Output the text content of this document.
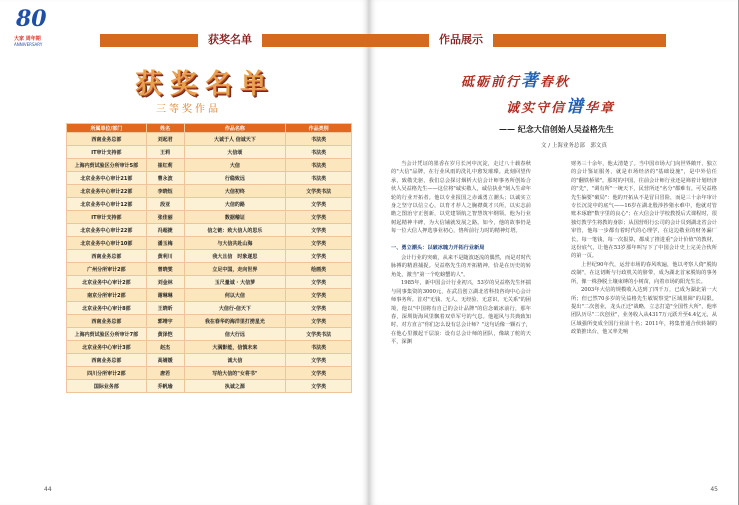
80
大家 周年期
ANNIVERSARY	获奖名单
获奖名单
三等奖作品
所属单位/部门	姓名	作品名称	作品类别
西南业务总部	刘起君	大诚于人 信诚天下	书法类
IT审计支持部	王莉	大信颂	书法类
上海内贸试验区分所审计5部	崔红莉	大信	书法类
北京业务中心审计21部	曹永波	行稳致远	书法类
北京业务中心审计22部	李晓钰	大信初终	文学类书法
北京业务中心审计12部	段亚	大信的路	文学类
IT审计支持部	张佳丽	数据稽证	文学类
北京业务中心审计22部	冯超捷	信之链：致大信人的思乐	文学类
北京业务中心审计10部	潘玉梅	与大信共赴山海	文学类
西南业务总部	黄利川	我大且信　时象遂思	文学类
广州分所审计2部	曾晓雯	立足中国，走向世界	绘画类
北京业务中心审计2部	刘金林	玉尺量诚 · 大信萝	文学类
南京分所审计2部	谢琳琳	何以大信	文学类
北京业务中心审计8部	王晓昕	大信行-信天下	文学类
西南业务总部	郭靖宇	我在春华的海洋里打捞星光	文学类
上海内贸试验区分所审计7部	黄泽恺	信大行远	文学类书法
北京业务中心审计3部	赵杰	大满影能，信慎未来	书法类
西南业务总部	高婧媛	诚大信	文学类
四川分所审计2部	唐若	写给大信的"女将书"	文学类
国际业务部	乔帆瑜	执诚之源	文学类
44
作品展示
砥砺前行著春秋
诚实守信谱华章
—— 纪念大信创始人吴益格先生
文 / 上海业务总部　郭文真

当会计凭证的墨香在岁月长河中沉淀，走过八十载春秋的"大信"品牌，在行业风雨的洗礼中愈发璀璨。此刻回望传承，致敬先驱，我们总会探讨烟析大信会计师事务所创始合伙人吴益格先生——这位将"诚实敬人，诚信执业"刻入生命年轮的行业开拓者。他以专业报国之赤诚勇立潮头；以诚实立身之坚守以信立心，以育才荐人之胸襟奠才兴所，以实志前瞻之图治守正创新，以党建领航之智慧筑牢纲领。他为行业树起精神丰碑，为大信铺就发展之路。如今，他的故事仍是每一位大信人押选事业初心，恪所前行力时的精神灯塔。

一、勇立潮头：以破冰魄力开拓行业新局

会计行业的突破，从来不是随波逐流的偶然，而是对时代脉搏的精准捕捉。吴益格先生的开拓精神，恰是在历史的转角处，激当"第一个吃螃蟹的人"。

1985年，新中国会计行业初兴，53岁的吴益格先生怀揣与同事集资的3000元，在武昌创立湖北省科技咨询中心会计师事务所。首对"无钱、无人、无经验、无意识、无关系"的困境，他以"中国将有自己的会计品牌"的信念破冰前行，那年春，深圳街海风里飘着双草军号的气息。他超风与共典致知时，对方直言"你们怎么设有总会计师？"这句话像一颗石子，在他心里激起千层浪：设有总会计师的团队，像缺了舵的天平，深渊

财务三十余年，他太清楚了。当中国市场大门向世界敞开，独立的会计鉴证服务，就是市场经济的"基础设施"，是中外信任的"翻铁桥梁"。那时的中国，往前会计师行业还是筛着计划经济的"先"，"调有所"一统天下，民营所还"名分"都难有。可吴益格先生偏要"破局"：他的开拓从不是冒目冒险，而是三十余年审计专长沉淀中的底气——16岁在湖北殷涉抄猪水难中，他就对管账本琢磨"数字里的良心"；在大信会计学校教授后式课程时，很独灯教学生将教的身影；从国营组行公司的会计员到湖北省会计审管，他每一步都有着时代的心理学，在这边敬业的财务漏厂长，每一笔钱，每一次报算，都成了推进重"会计价值"的教材，这份底气，让他在53岁那年叫写下了中国会计史上完美合伙所的第一页。

上世纪90年代，运营市场的春风吹遍，他以考察人倚"脱钩改制"，在这切断与行政机关的脐带，成为湖北首家脱钩的事务所，像一株挣脱土壤束缚的小树苗，向着市场的阳光生长。

2003年大信的规模收入达到了四千万，已成为湖北第一大所；但已然70多岁的吴益格先生敏锐察觉"区域墨障"的局限。提出"二次创业，龙头正迁"战略，立志打造"全国性大所"，他率团队历尽"二次创业"，业务收入从4317万元跃升至4.4亿元，从区域强所变成全国行业前十名；2011年，将集普通合伙转制的政策推出台，他又率先响

45
